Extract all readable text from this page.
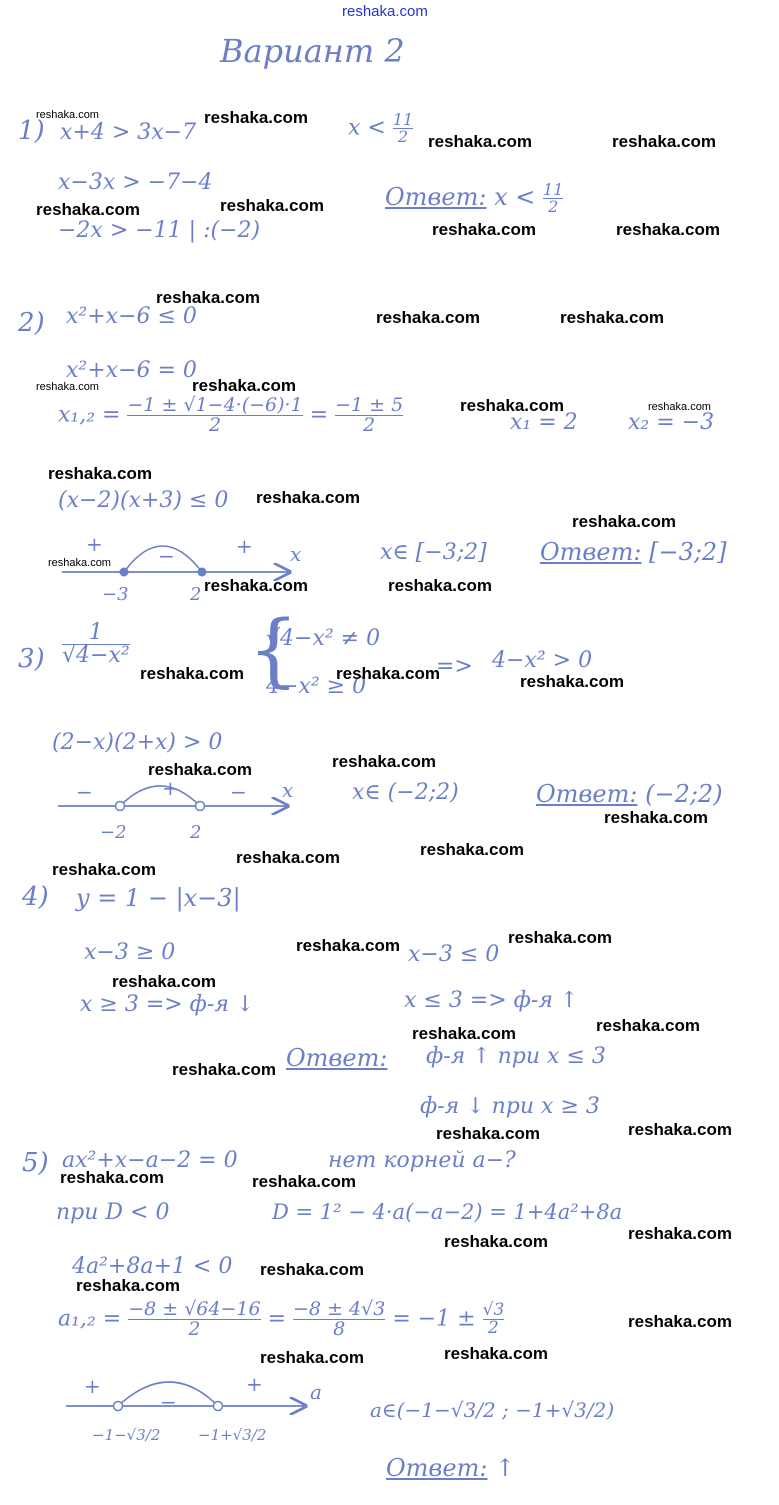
reshaka.com
Вариант 2
1) x+4 > 3x−7	$x < \frac{11}{2}$
x−3x > −7−4
−2x > −11 | :(−2)
Ответ: $x < \frac{11}{2}$
2) x²+x−6 ≤ 0
x²+x−6 = 0
$x_1,_2 = \frac{-1 \pm √1-4\cdot(-6)\cdot 1}{2} = \frac{-1 \pm 5}{2}$	x₁ = 2 x₂ = −3
(x−2)(x+3) ≤ 0
+	−	+ x
−3	2
x∈ [−3;2] Ответ: [−3;2]
$3) \frac{1}{\text{√4−x²}}$ {
√4−x² ≠ 0
4−x² ≥ 0
=> 4−x² > 0
(2−x)(2+x) > 0
−	+	− x
−2	2
x∈ (−2;2)	Ответ: (−2;2)
4) y = 1 − |x−3|
x−3 ≥ 0	x−3 ≤ 0
x ≥ 3 => ф-я ↓	x ≤ 3 => ф-я ↑
Ответ: ф-я ↑ при x ≤ 3
ф-я ↓ при x ≥ 3
5) ax²+x−a−2 = 0	нет корней a−?
при D < 0	D = 1² − 4·a(−a−2) = 1+4a²+8a
4a²+8a+1 < 0
$a_1,_2 = \frac{-8 \pm √64-16}{2} = \frac{-8 \pm 4√3}{8} = -1 \pm \frac{√3}{2}$
+
−
+ a
−1−√3/2	−1+√3/2
a∈(−1−√3/2 ; −1+√3/2)
Ответ: ↑
reshaka.com	reshaka.com
reshaka.com	reshaka.com
reshaka.com	reshaka.com
reshaka.com	reshaka.com
reshaka.com
reshaka.com	reshaka.com
reshaka.com	reshaka.com
reshaka.com	reshaka.com
reshaka.com
reshaka.com
reshaka.com
reshaka.com
reshaka.com	reshaka.com
reshaka.com	reshaka.com	reshaka.com
reshaka.com
reshaka.com
reshaka.com
reshaka.com
reshaka.com
reshaka.com
reshaka.com
reshaka.com
reshaka.com
reshaka.com
reshaka.com
reshaka.com
reshaka.com
reshaka.com
reshaka.com	reshaka.com
reshaka.com
reshaka.com
reshaka.com
reshaka.com
reshaka.com
reshaka.com
reshaka.com
